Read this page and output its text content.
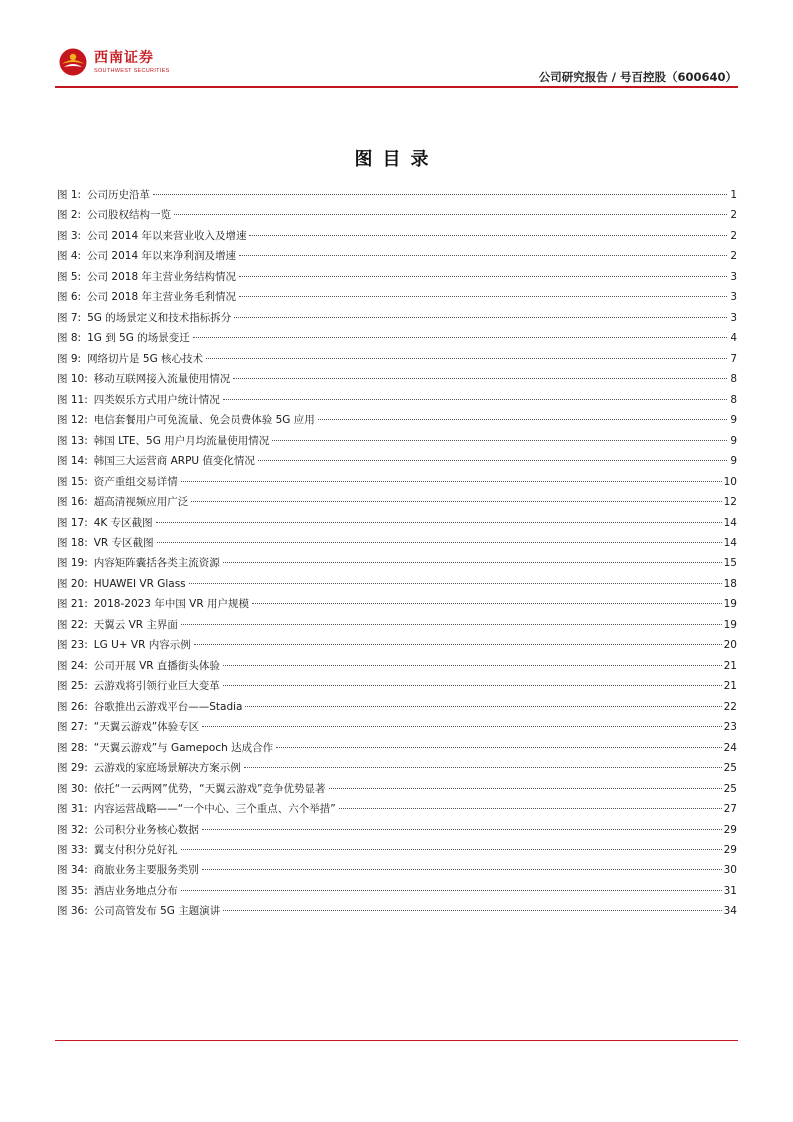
西南证券
SOUTHWEST SECURITIES	公司研究报告 / 号百控股（600640）
图目录
图 1: 公司历史沿革	1
图 2: 公司股权结构一览	2
图 3: 公司 2014 年以来营业收入及增速	2
图 4: 公司 2014 年以来净利润及增速	2
图 5: 公司 2018 年主营业务结构情况	3
图 6: 公司 2018 年主营业务毛利情况	3
图 7: 5G 的场景定义和技术指标拆分	3
图 8: 1G 到 5G 的场景变迁	4
图 9: 网络切片是 5G 核心技术	7
图 10: 移动互联网接入流量使用情况	8
图 11: 四类娱乐方式用户统计情况	8
图 12: 电信套餐用户可免流量、免会员费体验 5G 应用	9
图 13: 韩国 LTE、5G 用户月均流量使用情况	9
图 14: 韩国三大运营商 ARPU 值变化情况	9
图 15: 资产重组交易详情	10
图 16: 超高清视频应用广泛	12
图 17: 4K 专区截图	14
图 18: VR 专区截图	14
图 19: 内容矩阵囊括各类主流资源	15
图 20: HUAWEI VR Glass	18
图 21: 2018-2023 年中国 VR 用户规模	19
图 22: 天翼云 VR 主界面	19
图 23: LG U+ VR 内容示例	20
图 24: 公司开展 VR 直播街头体验	21
图 25: 云游戏将引领行业巨大变革	21
图 26: 谷歌推出云游戏平台——Stadia	22
图 27: “天翼云游戏”体验专区	23
图 28: “天翼云游戏”与 Gamepoch 达成合作	24
图 29: 云游戏的家庭场景解决方案示例	25
图 30: 依托“一云两网”优势，“天翼云游戏”竞争优势显著	25
图 31: 内容运营战略——“一个中心、三个重点、六个举措”	27
图 32: 公司积分业务核心数据	29
图 33: 翼支付积分兑好礼	29
图 34: 商旅业务主要服务类别	30
图 35: 酒店业务地点分布	31
图 36: 公司高管发布 5G 主题演讲	34
